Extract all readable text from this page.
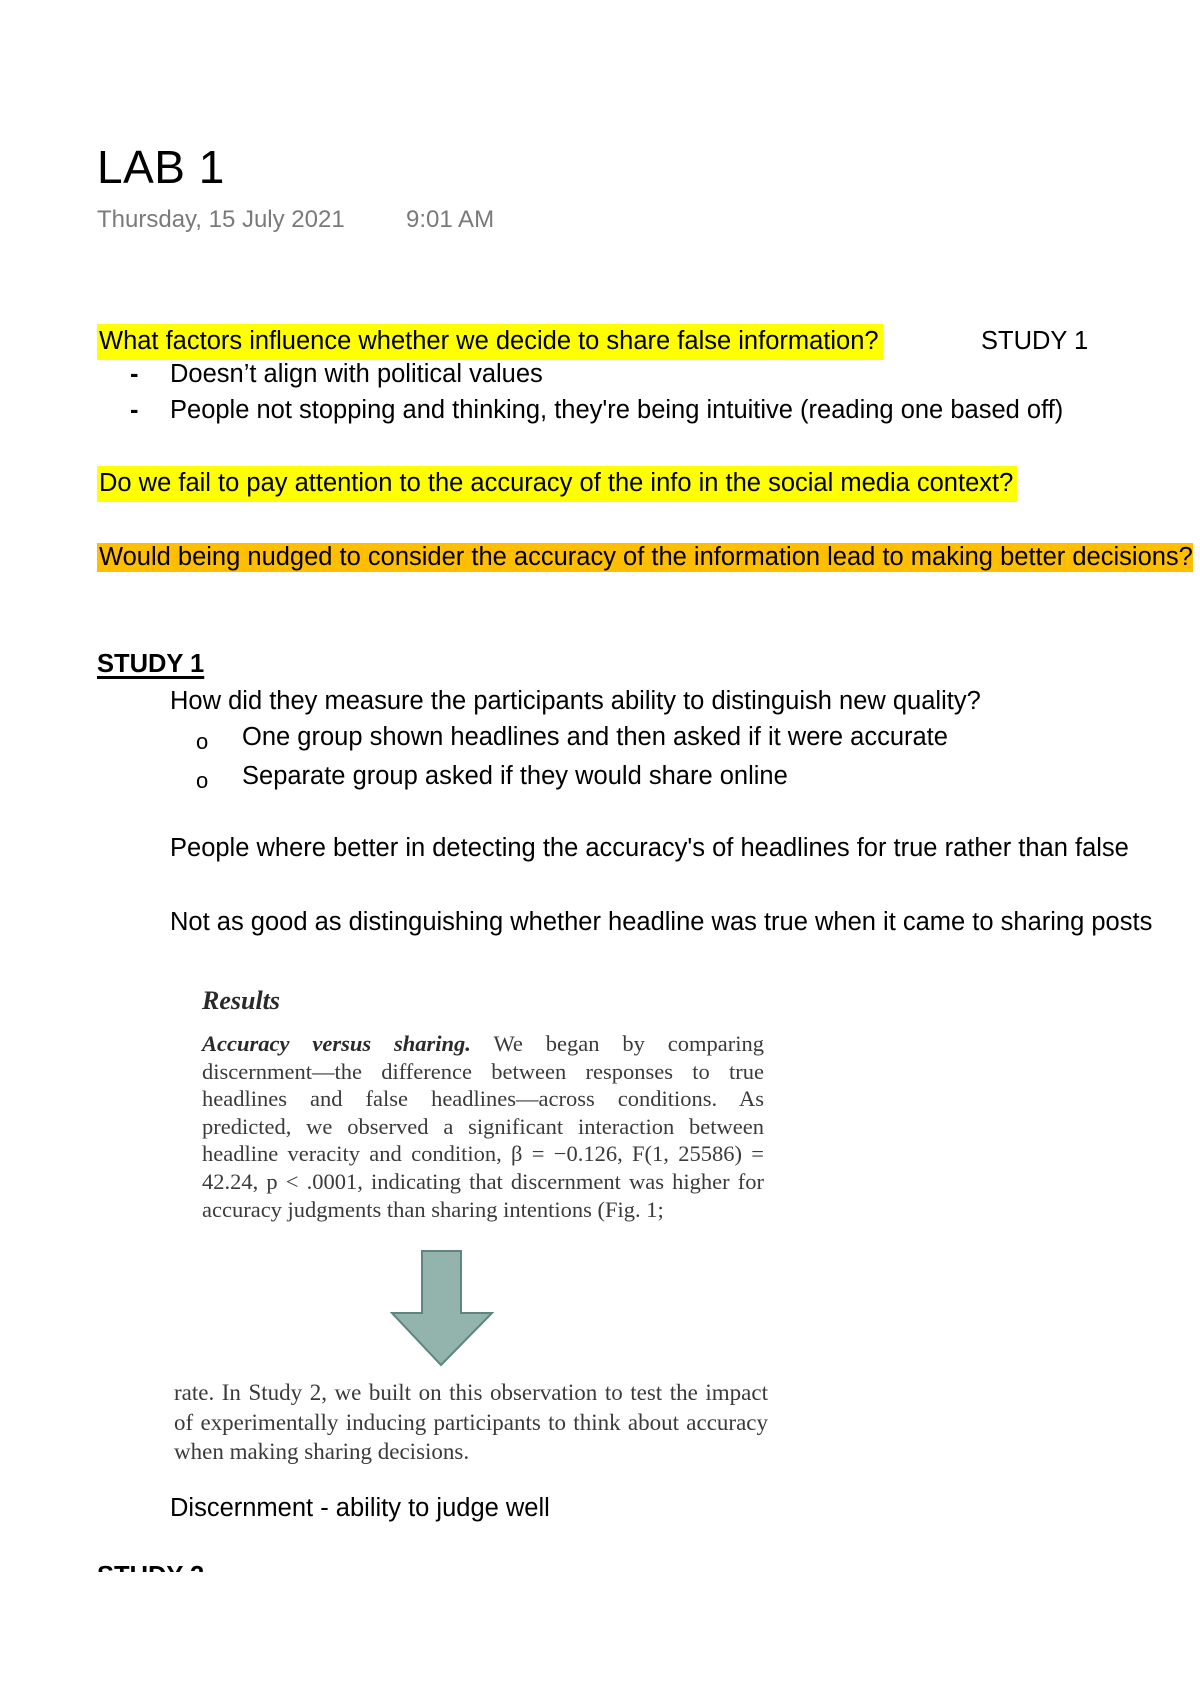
LAB 1
Thursday, 15 July 2021	9:01 AM
What factors influence whether we decide to share false information?	STUDY 1
- Doesn’t align with political values
- People not stopping and thinking, they're being intuitive (reading one based off)
Do we fail to pay attention to the accuracy of the info in the social media context?
Would being nudged to consider the accuracy of the information lead to making better decisions?
STUDY 1
How did they measure the participants ability to distinguish new quality?
o One group shown headlines and then asked if it were accurate
o Separate group asked if they would share online
People where better in detecting the accuracy's of headlines for true rather than false
Not as good as distinguishing whether headline was true when it came to sharing posts
Results
Accuracy versus sharing. We began by comparing discernment—the difference between responses to true headlines and false headlines—across conditions. As predicted, we observed a significant interaction between headline veracity and condition, β = −0.126, F(1, 25586) = 42.24, p < .0001, indicating that discernment was higher for accuracy judgments than sharing intentions (Fig. 1;
rate. In Study 2, we built on this observation to test the impact of experimentally inducing participants to think about accuracy when making sharing decisions.
Discernment - ability to judge well
